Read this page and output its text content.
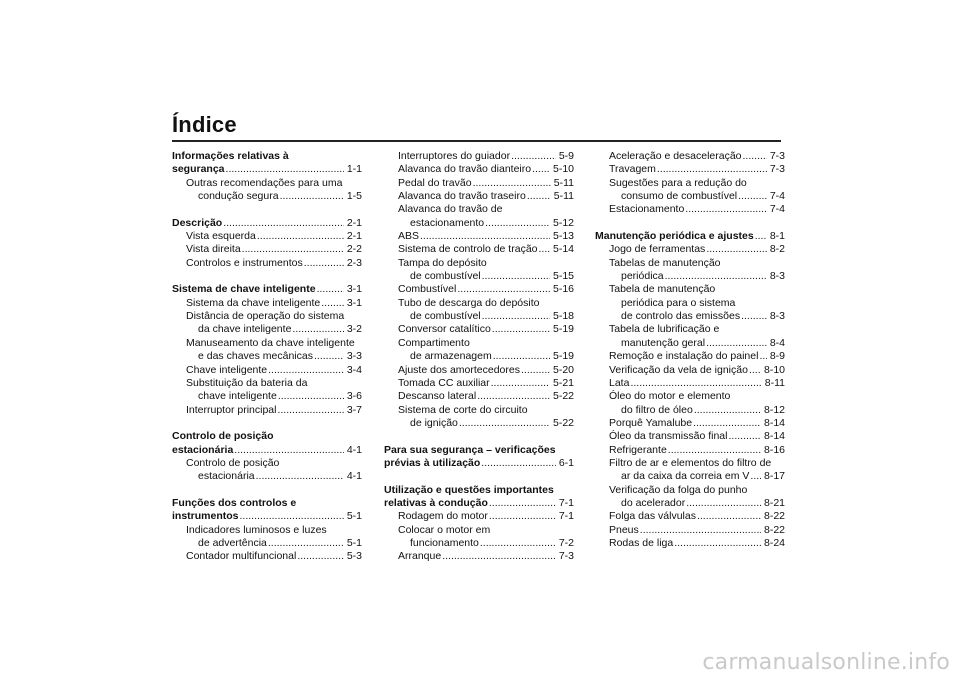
Índice
Informações relativas à
segurança .....	1-1
Outras recomendações para uma
condução segura .....	1-5
Descrição .....	2-1
Vista esquerda .....	2-1
Vista direita .....	2-2
Controlos e instrumentos .....	2-3
Sistema de chave inteligente .....	3-1
Sistema da chave inteligente .....	3-1
Distância de operação do sistema
da chave inteligente .....	3-2
Manuseamento da chave inteligente
e das chaves mecânicas .....	3-3
Chave inteligente .....	3-4
Substituição da bateria da
chave inteligente .....	3-6
Interruptor principal .....	3-7
Controlo de posição
estacionária .....	4-1
Controlo de posição
estacionária .....	4-1
Funções dos controlos e
instrumentos .....	5-1
Indicadores luminosos e luzes
de advertência .....	5-1
Contador multifuncional .....	5-3
Interruptores do guiador .....	5-9
Alavanca do travão dianteiro ..... 5-10
Pedal do travão .....	5-11
Alavanca do travão traseiro .....	5-11
Alavanca do travão de
estacionamento .....	5-12
ABS .....	5-13
Sistema de controlo de tração ..... 5-14
Tampa do depósito
de combustível .....	5-15
Combustível .....	5-16
Tubo de descarga do depósito
de combustível .....	5-18
Conversor catalítico .....	5-19
Compartimento
de armazenagem .....	5-19
Ajuste dos amortecedores .....	5-20
Tomada CC auxiliar .....	5-21
Descanso lateral .....	5-22
Sistema de corte do circuito
de ignição .....	5-22
Para sua segurança – verificações
prévias à utilização .....	6-1
Utilização e questões importantes
relativas à condução .....	7-1
Rodagem do motor .....	7-1
Colocar o motor em
funcionamento .....	7-2
Arranque .....	7-3
Aceleração e desaceleração .....	7-3
Travagem .....	7-3
Sugestões para a redução do
consumo de combustível .....	7-4
Estacionamento .....	7-4
Manutenção periódica e ajustes ..... 8-1
Jogo de ferramentas .....	8-2
Tabelas de manutenção
periódica .....	8-3
Tabela de manutenção
periódica para o sistema
de controlo das emissões .....	8-3
Tabela de lubrificação e
manutenção geral .....	8-4
Remoção e instalação do painel ..... 8-9
Verificação da vela de ignição ..... 8-10
Lata .....	8-11
Óleo do motor e elemento
do filtro de óleo .....	8-12
Porquê Yamalube .....	8-14
Óleo da transmissão final .....	8-14
Refrigerante .....	8-16
Filtro de ar e elementos do filtro de
ar da caixa da correia em V ..... 8-17
Verificação da folga do punho
do acelerador .....	8-21
Folga das válvulas .....	8-22
Pneus .....	8-22
Rodas de liga .....	8-24
carmanualsonline.info
